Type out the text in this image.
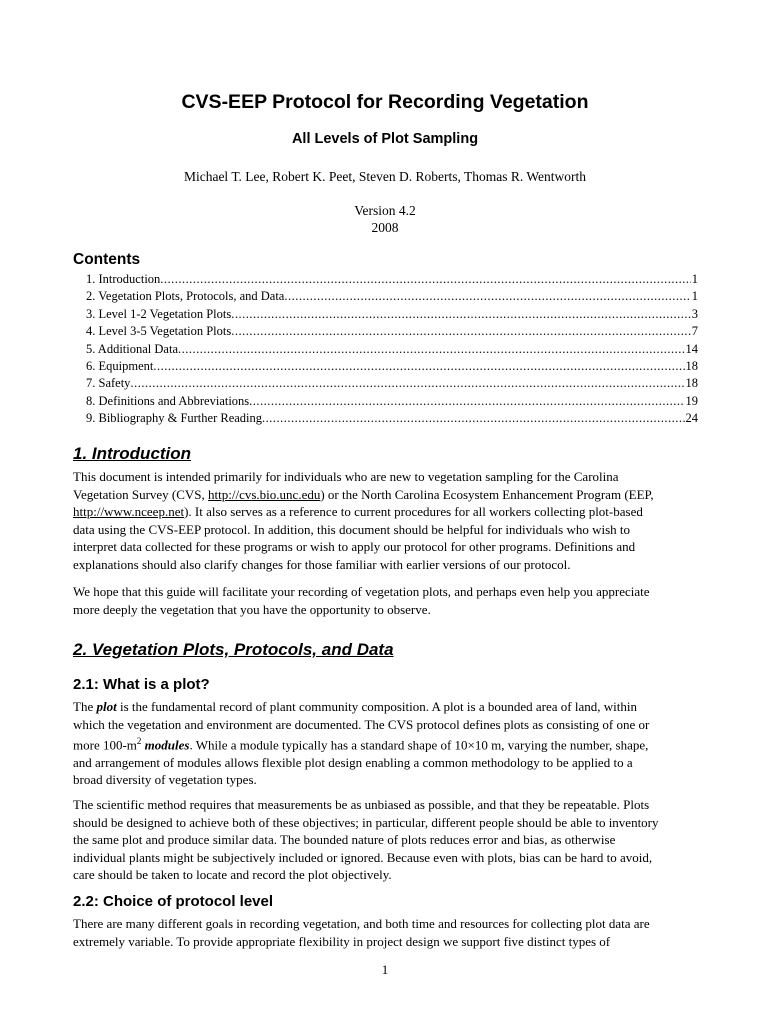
CVS-EEP Protocol for Recording Vegetation
All Levels of Plot Sampling
Michael T. Lee, Robert K. Peet, Steven D. Roberts, Thomas R. Wentworth
Version 4.2
2008
Contents
1. Introduction .....	1
2. Vegetation Plots, Protocols, and Data .....	1
3. Level 1-2 Vegetation Plots .....	3
4. Level 3-5 Vegetation Plots .....	7
5. Additional Data .....	14
6. Equipment .....	18
7. Safety .....	18
8. Definitions and Abbreviations .....	19
9. Bibliography & Further Reading .....	24
1. Introduction
This document is intended primarily for individuals who are new to vegetation sampling for the Carolina
Vegetation Survey (CVS, http://cvs.bio.unc.edu) or the North Carolina Ecosystem Enhancement Program (EEP,
http://www.nceep.net). It also serves as a reference to current procedures for all workers collecting plot-based
data using the CVS-EEP protocol. In addition, this document should be helpful for individuals who wish to
interpret data collected for these programs or wish to apply our protocol for other programs. Definitions and
explanations should also clarify changes for those familiar with earlier versions of our protocol.
We hope that this guide will facilitate your recording of vegetation plots, and perhaps even help you appreciate
more deeply the vegetation that you have the opportunity to observe.
2. Vegetation Plots, Protocols, and Data
2.1: What is a plot?
The plot is the fundamental record of plant community composition. A plot is a bounded area of land, within
which the vegetation and environment are documented. The CVS protocol defines plots as consisting of one or
more $100-m^2$ modules. While a module typically has a standard shape of 10×10 m, varying the number, shape,
and arrangement of modules allows flexible plot design enabling a common methodology to be applied to a
broad diversity of vegetation types.
The scientific method requires that measurements be as unbiased as possible, and that they be repeatable. Plots
should be designed to achieve both of these objectives; in particular, different people should be able to inventory
the same plot and produce similar data. The bounded nature of plots reduces error and bias, as otherwise
individual plants might be subjectively included or ignored. Because even with plots, bias can be hard to avoid,
care should be taken to locate and record the plot objectively.
2.2: Choice of protocol level
There are many different goals in recording vegetation, and both time and resources for collecting plot data are
extremely variable. To provide appropriate flexibility in project design we support five distinct types of
1
